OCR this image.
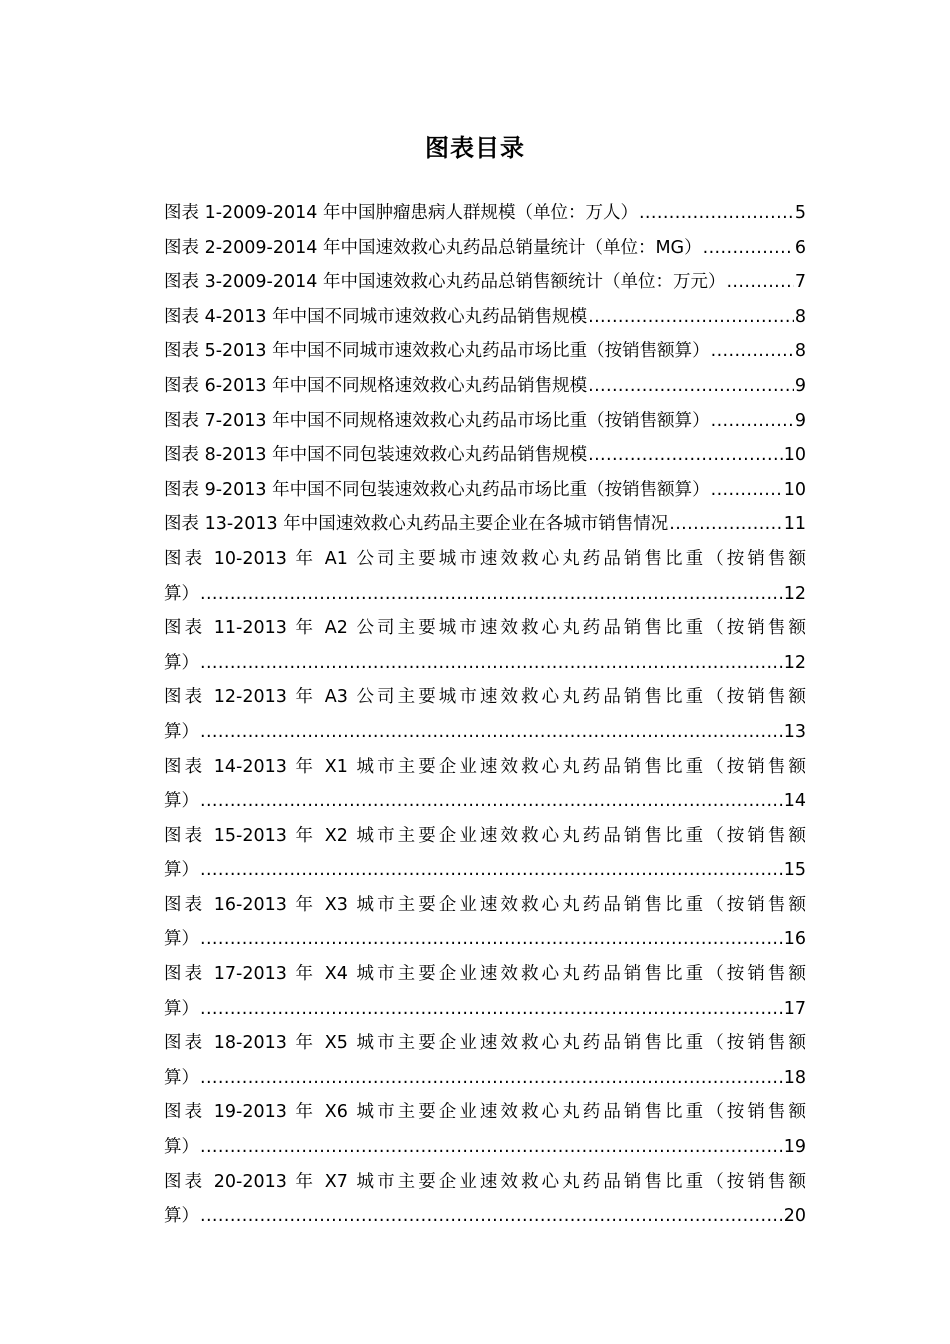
图表目录
图表 1-2009-2014 年中国肿瘤患病人群规模（单位：万人） .....	5
图表 2-2009-2014 年中国速效救心丸药品总销量统计（单位：MG） .....	6
图表 3-2009-2014 年中国速效救心丸药品总销售额统计（单位：万元） .....	7
图表 4-2013 年中国不同城市速效救心丸药品销售规模 .....	8
图表 5-2013 年中国不同城市速效救心丸药品市场比重（按销售额算） .....	8
图表 6-2013 年中国不同规格速效救心丸药品销售规模 .....	9
图表 7-2013 年中国不同规格速效救心丸药品市场比重（按销售额算） .....	9
图表 8-2013 年中国不同包装速效救心丸药品销售规模 .....	10
图表 9-2013 年中国不同包装速效救心丸药品市场比重（按销售额算） .....	10
图表 13-2013 年中国速效救心丸药品主要企业在各城市销售情况 .....	11
图表 10-2013 年 A1 公司主要城市速效救心丸药品销售比重（按销售额
算） .....	12
图表 11-2013 年 A2 公司主要城市速效救心丸药品销售比重（按销售额
算） .....	12
图表 12-2013 年 A3 公司主要城市速效救心丸药品销售比重（按销售额
算） .....	13
图表 14-2013 年 X1 城市主要企业速效救心丸药品销售比重（按销售额
算） .....	14
图表 15-2013 年 X2 城市主要企业速效救心丸药品销售比重（按销售额
算） .....	15
图表 16-2013 年 X3 城市主要企业速效救心丸药品销售比重（按销售额
算） .....	16
图表 17-2013 年 X4 城市主要企业速效救心丸药品销售比重（按销售额
算） .....	17
图表 18-2013 年 X5 城市主要企业速效救心丸药品销售比重（按销售额
算） .....	18
图表 19-2013 年 X6 城市主要企业速效救心丸药品销售比重（按销售额
算） .....	19
图表 20-2013 年 X7 城市主要企业速效救心丸药品销售比重（按销售额
算） .....	20
